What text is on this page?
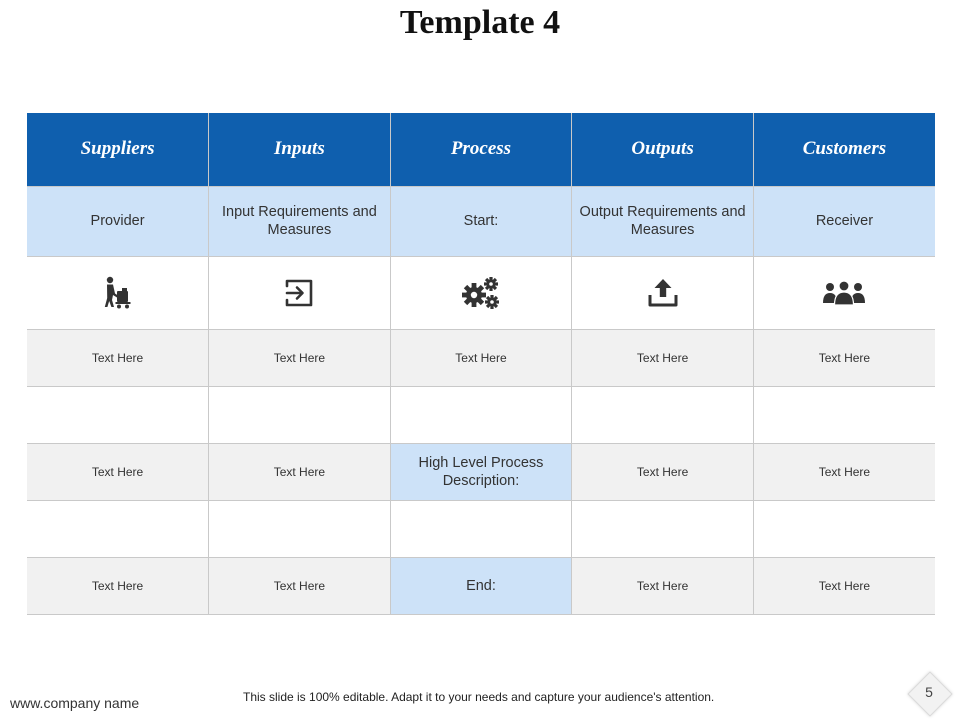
Template 4
Suppliers	Inputs	Process	Outputs	Customers
Provider	Input Requirements and Measures	Start:	Output Requirements and Measures	Receiver

Text Here	Text Here	Text Here	Text Here	Text Here

Text Here	Text Here	High Level Process Description:	Text Here	Text Here

Text Here	Text Here	End:	Text Here	Text Here
www.company name	This slide is 100% editable. Adapt it to your needs and capture your audience's attention.	5
